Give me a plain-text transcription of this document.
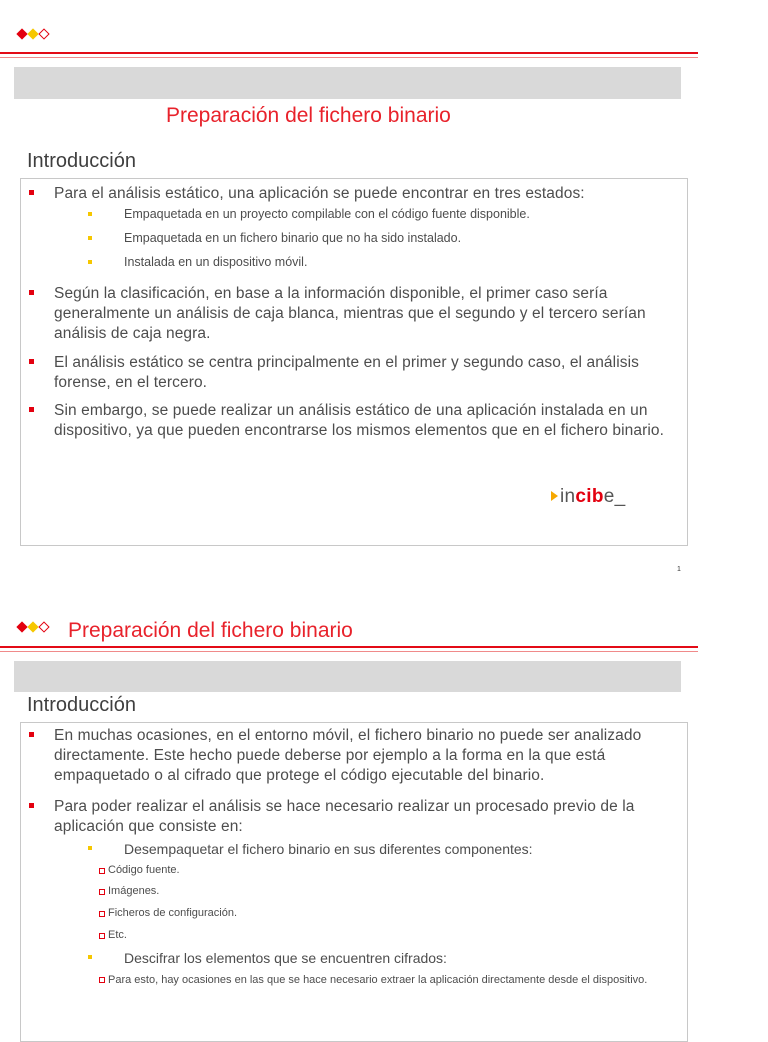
Preparación del fichero binario
Introducción
Para el análisis estático, una aplicación se puede encontrar en tres estados:
Empaquetada en un proyecto compilable con el código fuente disponible.
Empaquetada en un fichero binario que no ha sido instalado.
Instalada en un dispositivo móvil.
Según la clasificación, en base a la información disponible, el primer caso sería generalmente un análisis de caja blanca, mientras que el segundo y el tercero serían análisis de caja negra.
El análisis estático se centra principalmente en el primer y segundo caso, el análisis forense, en el tercero.
Sin embargo, se puede realizar un análisis estático de una aplicación instalada en un dispositivo, ya que pueden encontrarse los mismos elementos que en el fichero binario.
incibe_
1
Preparación del fichero binario
Introducción
En muchas ocasiones, en el entorno móvil, el fichero binario no puede ser analizado directamente. Este hecho puede deberse por ejemplo a la forma en la que está empaquetado o al cifrado que protege el código ejecutable del binario.
Para poder realizar el análisis se hace necesario realizar un procesado previo de la aplicación que consiste en:
Desempaquetar el fichero binario en sus diferentes componentes:
Código fuente.
Imágenes.
Ficheros de configuración.
Etc.
Descifrar los elementos que se encuentren cifrados:
Para esto, hay ocasiones en las que se hace necesario extraer la aplicación directamente desde el dispositivo.
